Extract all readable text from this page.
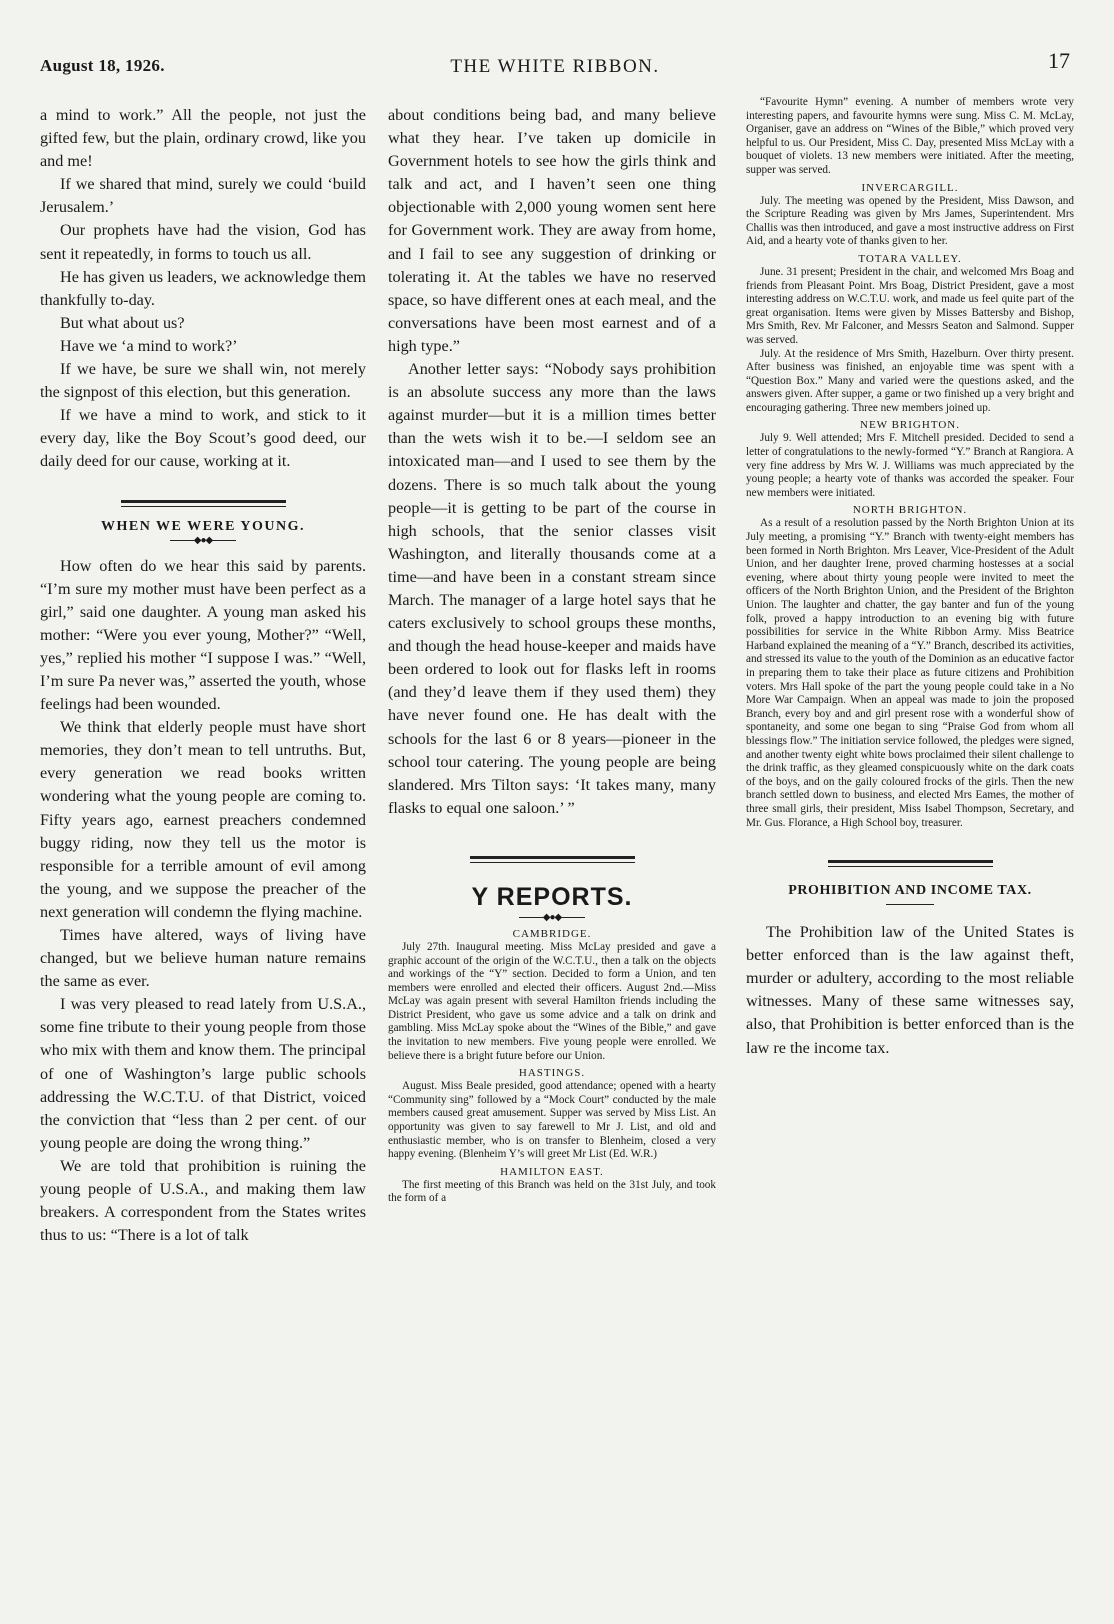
August 18, 1926.	THE WHITE RIBBON.	17

a mind to work.” All the people, not just the gifted few, but the plain, ordinary crowd, like you and me!

If we shared that mind, surely we could ‘build Jerusalem.’

Our prophets have had the vision, God has sent it repeatedly, in forms to touch us all.

He has given us leaders, we acknowledge them thankfully to-day.

But what about us?

Have we ‘a mind to work?’

If we have, be sure we shall win, not merely the signpost of this election, but this generation.

If we have a mind to work, and stick to it every day, like the Boy Scout’s good deed, our daily deed for our cause, working at it.

WHEN WE WERE YOUNG.
◆●◆

How often do we hear this said by parents. “I’m sure my mother must have been perfect as a girl,” said one daughter. A young man asked his mother: “Were you ever young, Mother?” “Well, yes,” replied his mother “I suppose I was.” “Well, I’m sure Pa never was,” asserted the youth, whose feelings had been wounded.

We think that elderly people must have short memories, they don’t mean to tell untruths. But, every generation we read books written wondering what the young people are coming to. Fifty years ago, earnest preachers condemned buggy riding, now they tell us the motor is responsible for a terrible amount of evil among the young, and we suppose the preacher of the next generation will condemn the flying machine.

Times have altered, ways of living have changed, but we believe human nature remains the same as ever.

I was very pleased to read lately from U.S.A., some fine tribute to their young people from those who mix with them and know them. The principal of one of Washington’s large public schools addressing the W.C.T.U. of that District, voiced the conviction that “less than 2 per cent. of our young people are doing the wrong thing.”

We are told that prohibition is ruining the young people of U.S.A., and making them law breakers. A correspondent from the States writes thus to us: “There is a lot of talk

about conditions being bad, and many believe what they hear. I’ve taken up domicile in Government hotels to see how the girls think and talk and act, and I haven’t seen one thing objectionable with 2,000 young women sent here for Government work. They are away from home, and I fail to see any suggestion of drinking or tolerating it. At the tables we have no reserved space, so have different ones at each meal, and the conversations have been most earnest and of a high type.”

Another letter says: “Nobody says prohibition is an absolute success any more than the laws against murder—but it is a million times better than the wets wish it to be.—I seldom see an intoxicated man—and I used to see them by the dozens. There is so much talk about the young people—it is getting to be part of the course in high schools, that the senior classes visit Washington, and literally thousands come at a time—and have been in a constant stream since March. The manager of a large hotel says that he caters exclusively to school groups these months, and though the head house-keeper and maids have been ordered to look out for flasks left in rooms (and they’d leave them if they used them) they have never found one. He has dealt with the schools for the last 6 or 8 years—pioneer in the school tour catering. The young people are being slandered. Mrs Tilton says: ‘It takes many, many flasks to equal one saloon.’ ”

Y REPORTS.
◆●◆
CAMBRIDGE.

July 27th. Inaugural meeting. Miss McLay presided and gave a graphic account of the origin of the W.C.T.U., then a talk on the objects and workings of the “Y” section. Decided to form a Union, and ten members were enrolled and elected their officers. August 2nd.—Miss McLay was again present with several Hamilton friends including the District President, who gave us some advice and a talk on drink and gambling. Miss McLay spoke about the “Wines of the Bible,” and gave the invitation to new members. Five young people were enrolled. We believe there is a bright future before our Union.

HASTINGS.

August. Miss Beale presided, good attendance; opened with a hearty “Community sing” followed by a “Mock Court” conducted by the male members caused great amusement. Supper was served by Miss List. An opportunity was given to say farewell to Mr J. List, and old and enthusiastic member, who is on transfer to Blenheim, closed a very happy evening. (Blenheim Y’s will greet Mr List (Ed. W.R.)

HAMILTON EAST.

The first meeting of this Branch was held on the 31st July, and took the form of a

“Favourite Hymn” evening. A number of members wrote very interesting papers, and favourite hymns were sung. Miss C. M. McLay, Organiser, gave an address on “Wines of the Bible,” which proved very helpful to us. Our President, Miss C. Day, presented Miss McLay with a bouquet of violets. 13 new members were initiated. After the meeting, supper was served.

INVERCARGILL.

July. The meeting was opened by the President, Miss Dawson, and the Scripture Reading was given by Mrs James, Superintendent. Mrs Challis was then introduced, and gave a most instructive address on First Aid, and a hearty vote of thanks given to her.

TOTARA VALLEY.

June. 31 present; President in the chair, and welcomed Mrs Boag and friends from Pleasant Point. Mrs Boag, District President, gave a most interesting address on W.C.T.U. work, and made us feel quite part of the great organisation. Items were given by Misses Battersby and Bishop, Mrs Smith, Rev. Mr Falconer, and Messrs Seaton and Salmond. Supper was served.

July. At the residence of Mrs Smith, Hazelburn. Over thirty present. After business was finished, an enjoyable time was spent with a “Question Box.” Many and varied were the questions asked, and the answers given. After supper, a game or two finished up a very bright and encouraging gathering. Three new members joined up.

NEW BRIGHTON.

July 9. Well attended; Mrs F. Mitchell presided. Decided to send a letter of congratulations to the newly-formed “Y.” Branch at Rangiora. A very fine address by Mrs W. J. Williams was much appreciated by the young people; a hearty vote of thanks was accorded the speaker. Four new members were initiated.

NORTH BRIGHTON.

As a result of a resolution passed by the North Brighton Union at its July meeting, a promising “Y.” Branch with twenty-eight members has been formed in North Brighton. Mrs Leaver, Vice-President of the Adult Union, and her daughter Irene, proved charming hostesses at a social evening, where about thirty young people were invited to meet the officers of the North Brighton Union, and the President of the Brighton Union. The laughter and chatter, the gay banter and fun of the young folk, proved a happy introduction to an evening big with future possibilities for service in the White Ribbon Army. Miss Beatrice Harband explained the meaning of a “Y.” Branch, described its activities, and stressed its value to the youth of the Dominion as an educative factor in preparing them to take their place as future citizens and Prohibition voters. Mrs Hall spoke of the part the young people could take in a No More War Campaign. When an appeal was made to join the proposed Branch, every boy and and girl present rose with a wonderful show of spontaneity, and some one began to sing “Praise God from whom all blessings flow.” The initiation service followed, the pledges were signed, and another twenty eight white bows proclaimed their silent challenge to the drink traffic, as they gleamed conspicuously white on the dark coats of the boys, and on the gaily coloured frocks of the girls. Then the new branch settled down to business, and elected Mrs Eames, the mother of three small girls, their president, Miss Isabel Thompson, Secretary, and Mr. Gus. Florance, a High School boy, treasurer.

PROHIBITION AND INCOME TAX.

The Prohibition law of the United States is better enforced than is the law against theft, murder or adultery, according to the most reliable witnesses. Many of these same witnesses say, also, that Prohibition is better enforced than is the law re the income tax.
